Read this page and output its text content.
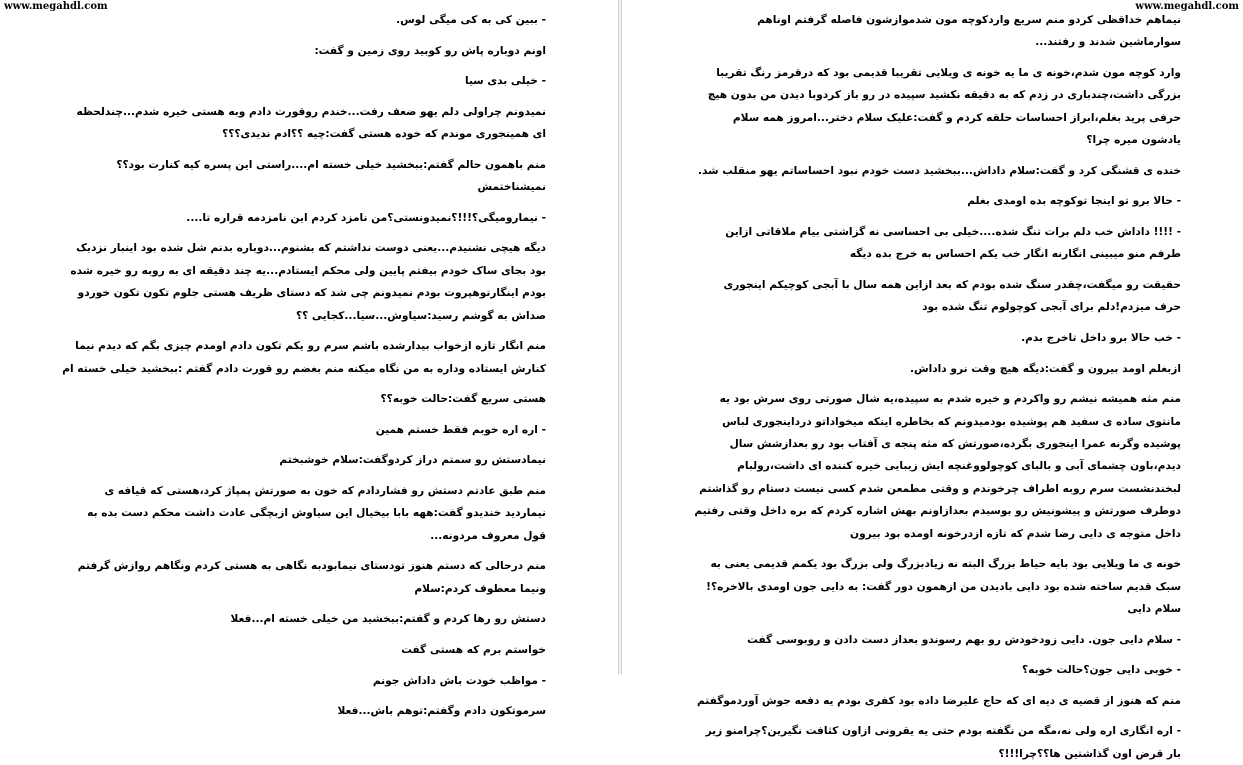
www.megahdl.com

- ببین کی به کی میگی لوس.

اونم دوباره پاش رو کوبید روی زمین و گفت:

- خیلی بدی سیا

نمیدونم چراولی دلم یهو ضعف رفت...خندم روقورت دادم وبه هستی خیره شدم...چندلحظه ای همینجوری موندم که خوده هستی گفت:چیه ؟؟ادم ندیدی؟؟؟

منم باهمون حالم گفتم:ببخشید خیلی خسته ام....راستی این پسره کیه کنارت بود؟؟نمیشناختمش

- نیمارومیگی؟!!!؟نمیدونستی؟من نامزد کردم این نامزدمه قراره تا....

دیگه هیچی نشنیدم...یعنی دوست نداشتم که بشنوم...دوباره بدنم شل شده بود اینبار نزدیک بود بجای ساک خودم بیفتم پایین ولی محکم ایستادم...یه چند دقیقه ای به روبه رو خیره شده بودم اینگارتوهپروت بودم نمیدونم چی شد که دستای ظریف هستی جلوم تکون تکون خوردو صداش به گوشم رسید:سیاوش...سیا...کجایی ؟؟

منم انگار تازه ازخواب بیدارشده باشم سرم رو یکم تکون دادم اومدم چیزی بگم که دیدم نیما کنارش ایستاده وداره به من نگاه میکنه منم بغضم رو قورت دادم گفتم :ببخشید خیلی خسته ام

هستی سریع گفت:حالت خوبه؟؟

- اره اره خوبم فقط خستم همین

نیمادستش رو سمتم دراز کردوگفت:سلام خوشبختم

منم طبق عادتم دستش رو فشاردادم که خون به صورتش پمپاژ کرد،هستی که قیافه ی نیماردید خندیدو گفت:ههه بابا بیخیال این سیاوش ازبچگی عادت داشت محکم دست بده به قول معروف مردونه...

منم درحالی که دستم هنوز تودستای نیمابودبه نگاهی به هستی کردم ونگاهم روازش گرفتم ونیما معطوف کردم:سلام

دستش رو رها کردم و گفتم:ببخشید من خیلی خسته ام...فعلا

خواستم برم که هستی گفت

- مواظب خودت باش داداش جونم

سرموتکون دادم وگفتم:توهم باش...فعلا

www.megahdl.com

نیماهم خداقظی کردو منم سریع واردکوچه مون شدموازشون فاصله گرفتم اوناهم سوارماشین شدند و رفتند...

وارد کوچه مون شدم،خونه ی ما یه خونه ی ویلایی تقریبا قدیمی بود که درقرمز رنگ تقریبا بزرگی داشت،چندباری در زدم که به دقیقه نکشید سپیده در رو باز کردوبا دیدن من بدون هیچ حرفی پرید بغلم،ابراز احساسات حلقه کردم و گفت:علیک سلام دختر...امروز همه سلام یادشون میره چرا؟

خنده ی قشنگی کرد و گفت:سلام داداش...ببخشید دست خودم نبود احساساتم یهو منقلب شد.

- حالا برو تو اینجا توکوچه بده اومدی بغلم

- !!!! داداش خب دلم برات تنگ شده....خیلی بی احساسی نه گزاشتی بیام ملاقاتی ازاین طرفم منو میبینی انگارنه انگار خب یکم احساس به خرج بده دیگه

حقیقت رو میگفت،چقدر سنگ شده بودم که بعد ازاین همه سال با آبجی کوچیکم اینجوری حرف میزدم!دلم برای آبجی کوچولوم تنگ شده بود

- خب حالا برو داخل تاخرج بدم.

ازبغلم اومد بیرون و گفت:دیگه هیچ وقت نرو داداش.

منم مثه همیشه نیشم رو واکردم و خیره شدم به سپیده،یه شال صورتی روی سرش بود یه مانتوی ساده ی سفید هم پوشیده بودمیدونم که بخاطره اینکه میخواداتو درداینجوری لباس پوشیده وگرنه عمرا اینجوری بگرده،صورتش که مثه پنجه ی آفتاب بود رو بعدازشش سال دیدم،باون چشمای آبی و بالبای کوچولووغنچه ایش زیبایی خیره کننده ای داشت،رولبام لبخندنشست سرم روبه اطراف چرخوندم و وقتی مطمعن شدم کسی نیست دستام رو گذاشتم دوطرف صورتش و پیشونیش رو بوسیدم بعدازاونم بهش اشاره کردم که بره داخل وقتی رفتیم داخل متوجه ی دایی رضا شدم که تازه ازدرخونه اومده بود بیرون

خونه ی ما ویلایی بود بایه حیاط بزرگ البته نه زیادبزرگ ولی بزرگ بود یکمم قدیمی یعنی به سبک قدیم ساخته شده بود دایی بادیدن من ازهمون دور گفت: به دایی جون اومدی بالاخره؟!سلام دایی

- سلام دایی جون. دایی زودخودش رو بهم رسوندو بعداز دست دادن و روبوسی گفت

- خوبی دایی جون؟حالت خوبه؟

منم که هنوز از قضیه ی دیه ای که حاج علیرضا داده بود کفری بودم یه دفعه جوش آوردموگفتم

- اره انگاری اره ولی نه،مگه من نگفته بودم حتی یه یقرونی ازاون کثافت نگیرین؟چرامنو زیر بار قرض اون گذاشتین ها؟؟چرا!!!؟
